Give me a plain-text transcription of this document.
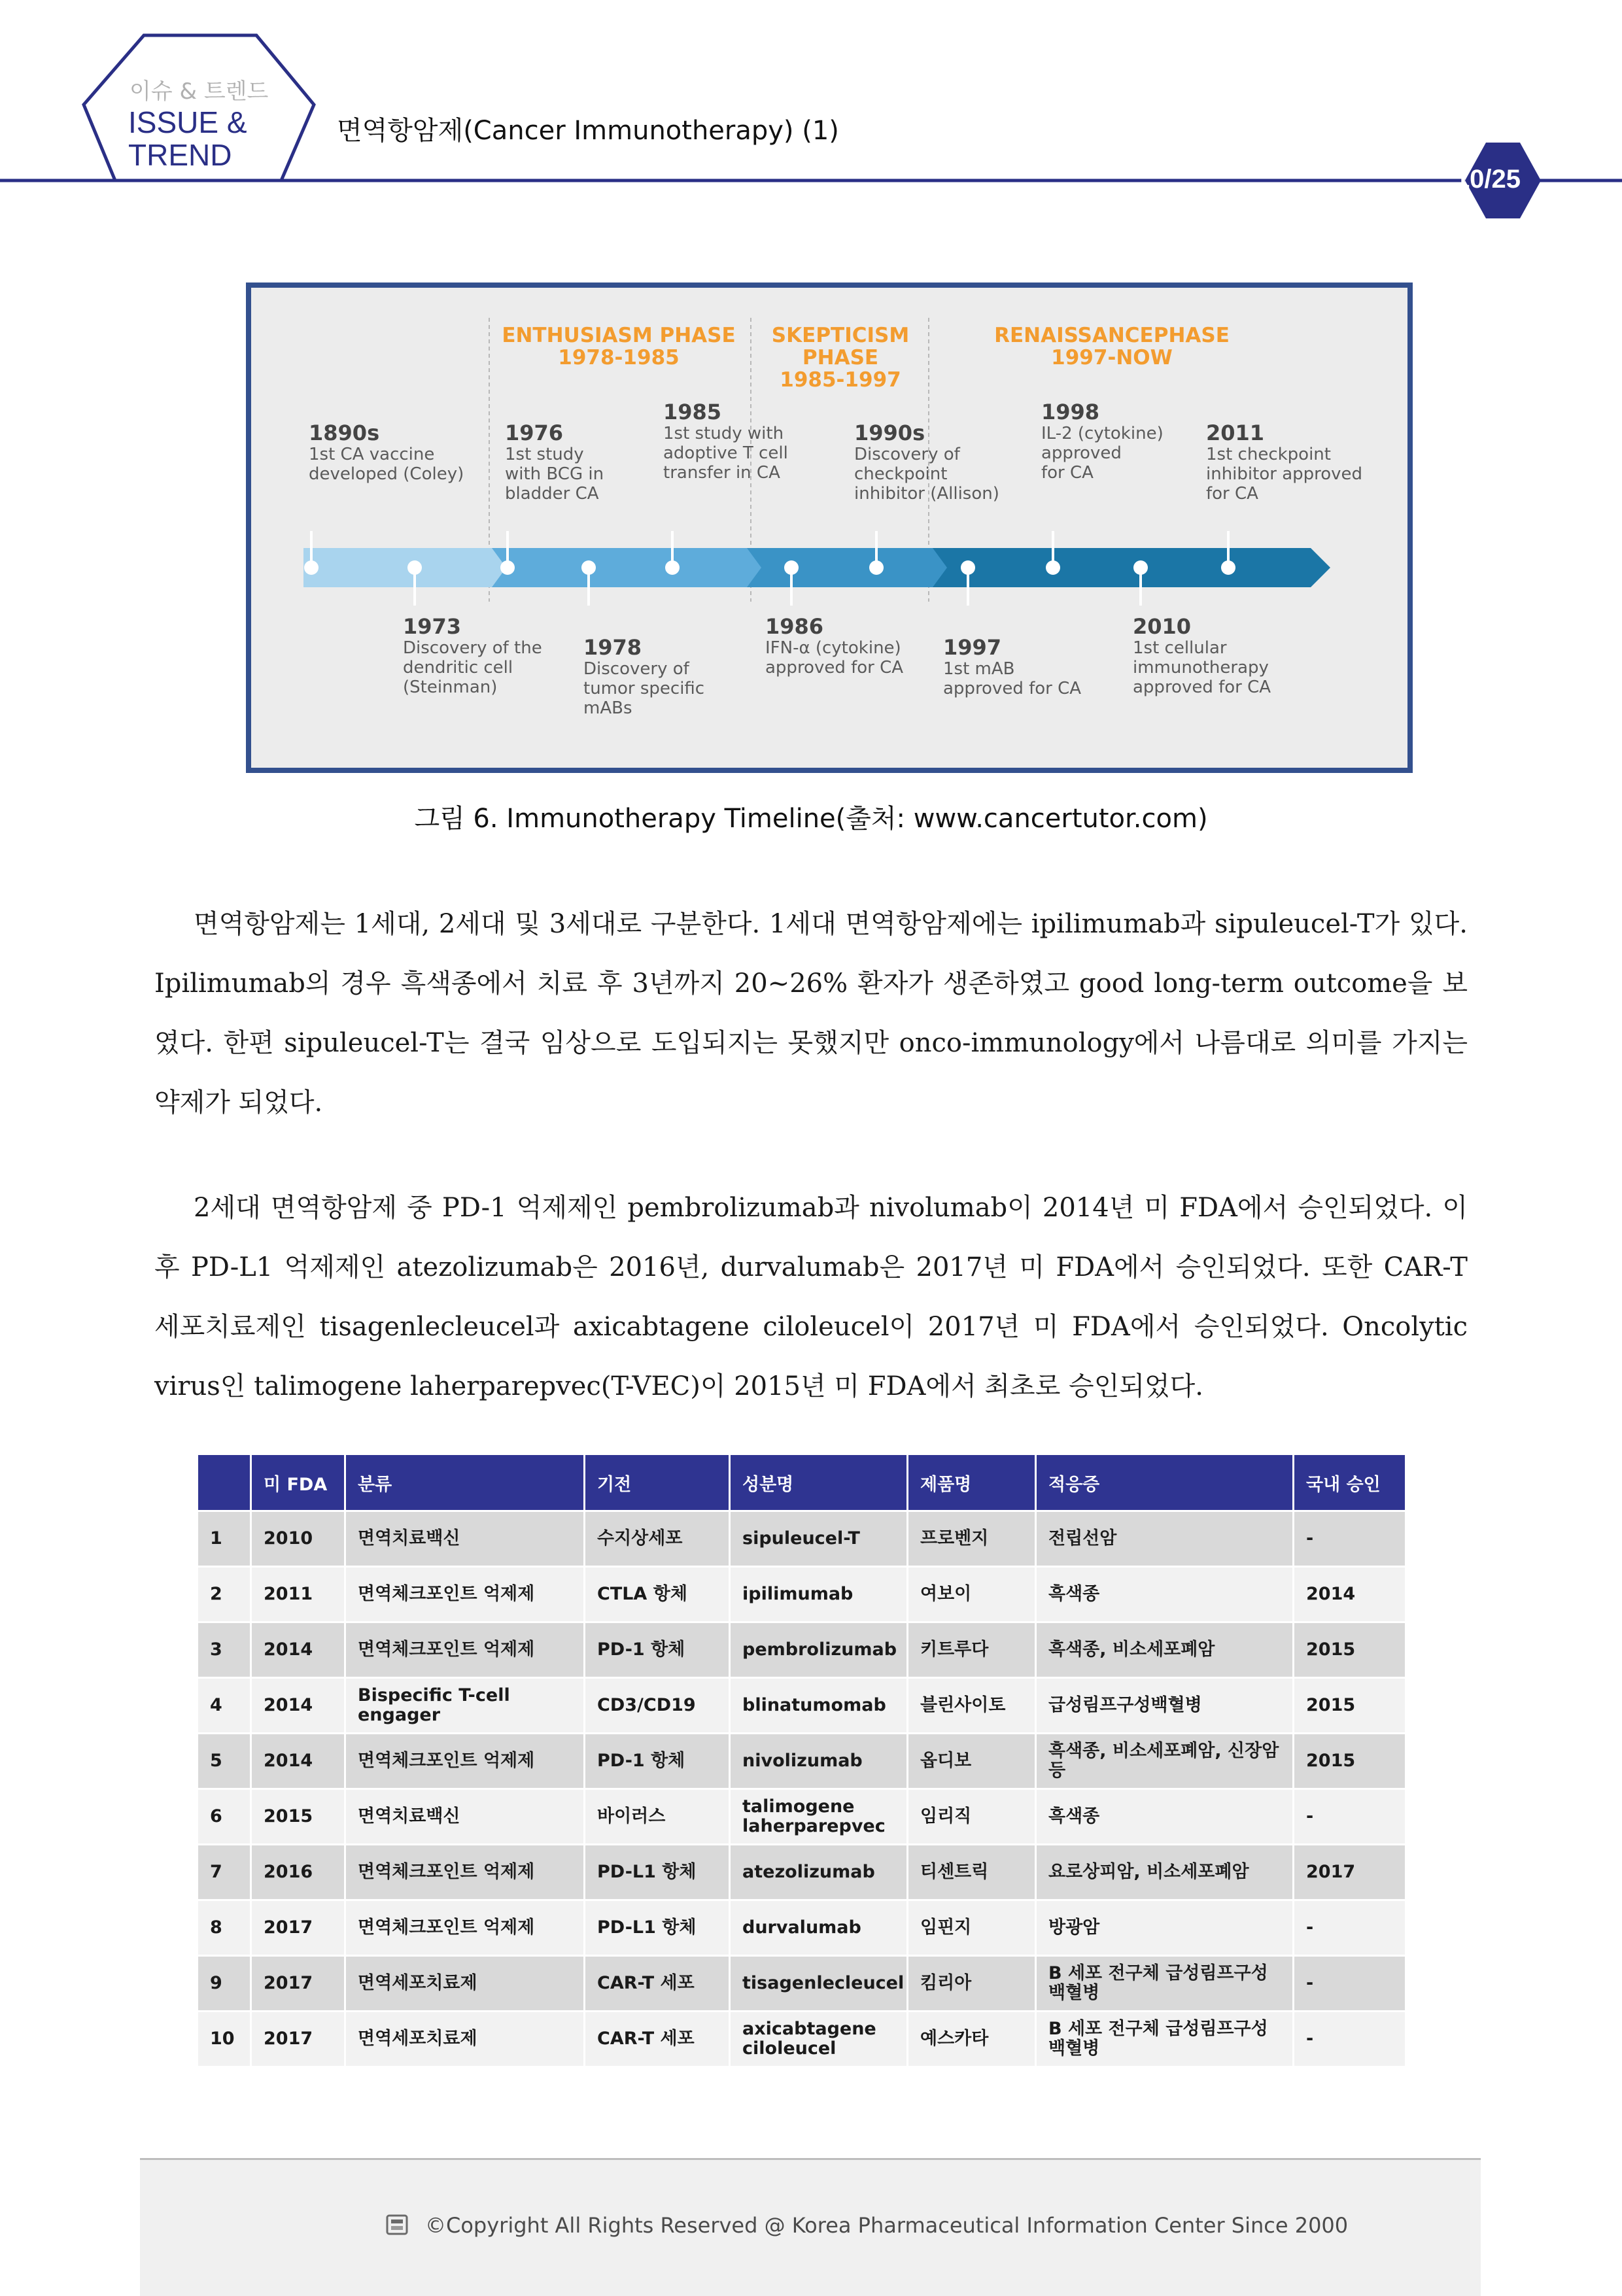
이슈 & 트렌드
ISSUE &
TREND
면역항암제(Cancer Immunotherapy) (1)
10/25
ENTHUSIASM PHASE
1978-1985
SKEPTICISM PHASE
1985-1997
RENAISSANCEPHASE
1997-NOW
1890s
1st CA vaccine
developed (Coley)
1976
1st study
with BCG in
bladder CA
1985
1st study with
adoptive T cell
transfer in CA
1990s
Discovery of
checkpoint
inhibitor (Allison)
1998
IL-2 (cytokine)
approved
for CA
2011
1st checkpoint
inhibitor approved
for CA
1973
Discovery of the
dendritic cell
(Steinman)
1978
Discovery of
tumor specific
mABs
1986
IFN-α (cytokine)
approved for CA
1997
1st mAB
approved for CA
2010
1st cellular
immunotherapy
approved for CA
그림 6. Immunotherapy Timeline(출처: www.cancertutor.com)

면역항암제는 1세대, 2세대 및 3세대로 구분한다. 1세대 면역항암제에는 ipilimumab과 sipuleucel-T가 있다. Ipilimumab의 경우 흑색종에서 치료 후 3년까지 20~26% 환자가 생존하였고 good long-term outcome을 보였다. 한편 sipuleucel-T는 결국 임상으로 도입되지는 못했지만 onco-immunology에서 나름대로 의미를 가지는 약제가 되었다.

2세대 면역항암제 중 PD-1 억제제인 pembrolizumab과 nivolumab이 2014년 미 FDA에서 승인되었다. 이후 PD-L1 억제제인 atezolizumab은 2016년, durvalumab은 2017년 미 FDA에서 승인되었다. 또한 CAR-T 세포치료제인 tisagenlecleucel과 axicabtagene ciloleucel이 2017년 미 FDA에서 승인되었다. Oncolytic virus인 talimogene laherparepvec(T-VEC)이 2015년 미 FDA에서 최초로 승인되었다.

	미 FDA	분류	기전	성분명	제품명	적응증	국내 승인
1	2010	면역치료백신	수지상세포	sipuleucel-T	프로벤지	전립선암	-
2	2011	면역체크포인트 억제제	CTLA 항체	ipilimumab	여보이	흑색종	2014
3	2014	면역체크포인트 억제제	PD-1 항체	pembrolizumab	키트루다	흑색종, 비소세포폐암	2015
4	2014	Bispecific T-cell engager	CD3/CD19	blinatumomab	블린사이토	급성림프구성백혈병	2015
5	2014	면역체크포인트 억제제	PD-1 항체	nivolizumab	옵디보	흑색종, 비소세포폐암, 신장암 등	2015
6	2015	면역치료백신	바이러스	talimogene laherparepvec	임리직	흑색종	-
7	2016	면역체크포인트 억제제	PD-L1 항체	atezolizumab	티센트릭	요로상피암, 비소세포폐암	2017
8	2017	면역체크포인트 억제제	PD-L1 항체	durvalumab	임핀지	방광암	-
9	2017	면역세포치료제	CAR-T 세포	tisagenlecleucel	킴리아	B 세포 전구체 급성림프구성 백혈병	-
10	2017	면역세포치료제	CAR-T 세포	axicabtagene ciloleucel	예스카타	B 세포 전구체 급성림프구성 백혈병	-
©Copyright All Rights Reserved @ Korea Pharmaceutical Information Center Since 2000
